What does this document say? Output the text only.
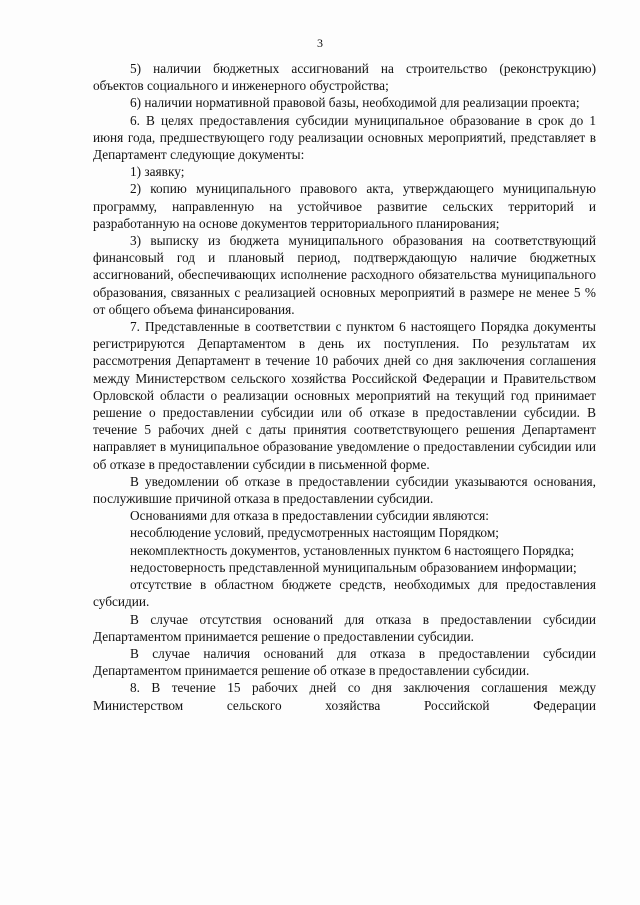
3

5) наличии бюджетных ассигнований на строительство (реконструкцию) объектов социального и инженерного обустройства;

6) наличии нормативной правовой базы, необходимой для реализации проекта;

6. В целях предоставления субсидии муниципальное образование в срок до 1 июня года, предшествующего году реализации основных мероприятий, представляет в Департамент следующие документы:

1) заявку;

2) копию муниципального правового акта, утверждающего муниципальную программу, направленную на устойчивое развитие сельских территорий и разработанную на основе документов территориального планирования;

3) выписку из бюджета муниципального образования на соответствующий финансовый год и плановый период, подтверждающую наличие бюджетных ассигнований, обеспечивающих исполнение расходного обязательства муниципального образования, связанных с реализацией основных мероприятий в размере не менее 5 % от общего объема финансирования.

7. Представленные в соответствии с пунктом 6 настоящего Порядка документы регистрируются Департаментом в день их поступления. По результатам их рассмотрения Департамент в течение 10 рабочих дней со дня заключения соглашения между Министерством сельского хозяйства Российской Федерации и Правительством Орловской области о реализации основных мероприятий на текущий год принимает решение о предоставлении субсидии или об отказе в предоставлении субсидии. В течение 5 рабочих дней с даты принятия соответствующего решения Департамент направляет в муниципальное образование уведомление о предоставлении субсидии или об отказе в предоставлении субсидии в письменной форме.

В уведомлении об отказе в предоставлении субсидии указываются основания, послужившие причиной отказа в предоставлении субсидии.

Основаниями для отказа в предоставлении субсидии являются:

несоблюдение условий, предусмотренных настоящим Порядком;

некомплектность документов, установленных пунктом 6 настоящего Порядка;

недостоверность представленной муниципальным образованием информации;

отсутствие в областном бюджете средств, необходимых для предоставления субсидии.

В случае отсутствия оснований для отказа в предоставлении субсидии Департаментом принимается решение о предоставлении субсидии.

В случае наличия оснований для отказа в предоставлении субсидии Департаментом принимается решение об отказе в предоставлении субсидии.

8. В течение 15 рабочих дней со дня заключения соглашения между Министерством сельского хозяйства Российской Федерации
